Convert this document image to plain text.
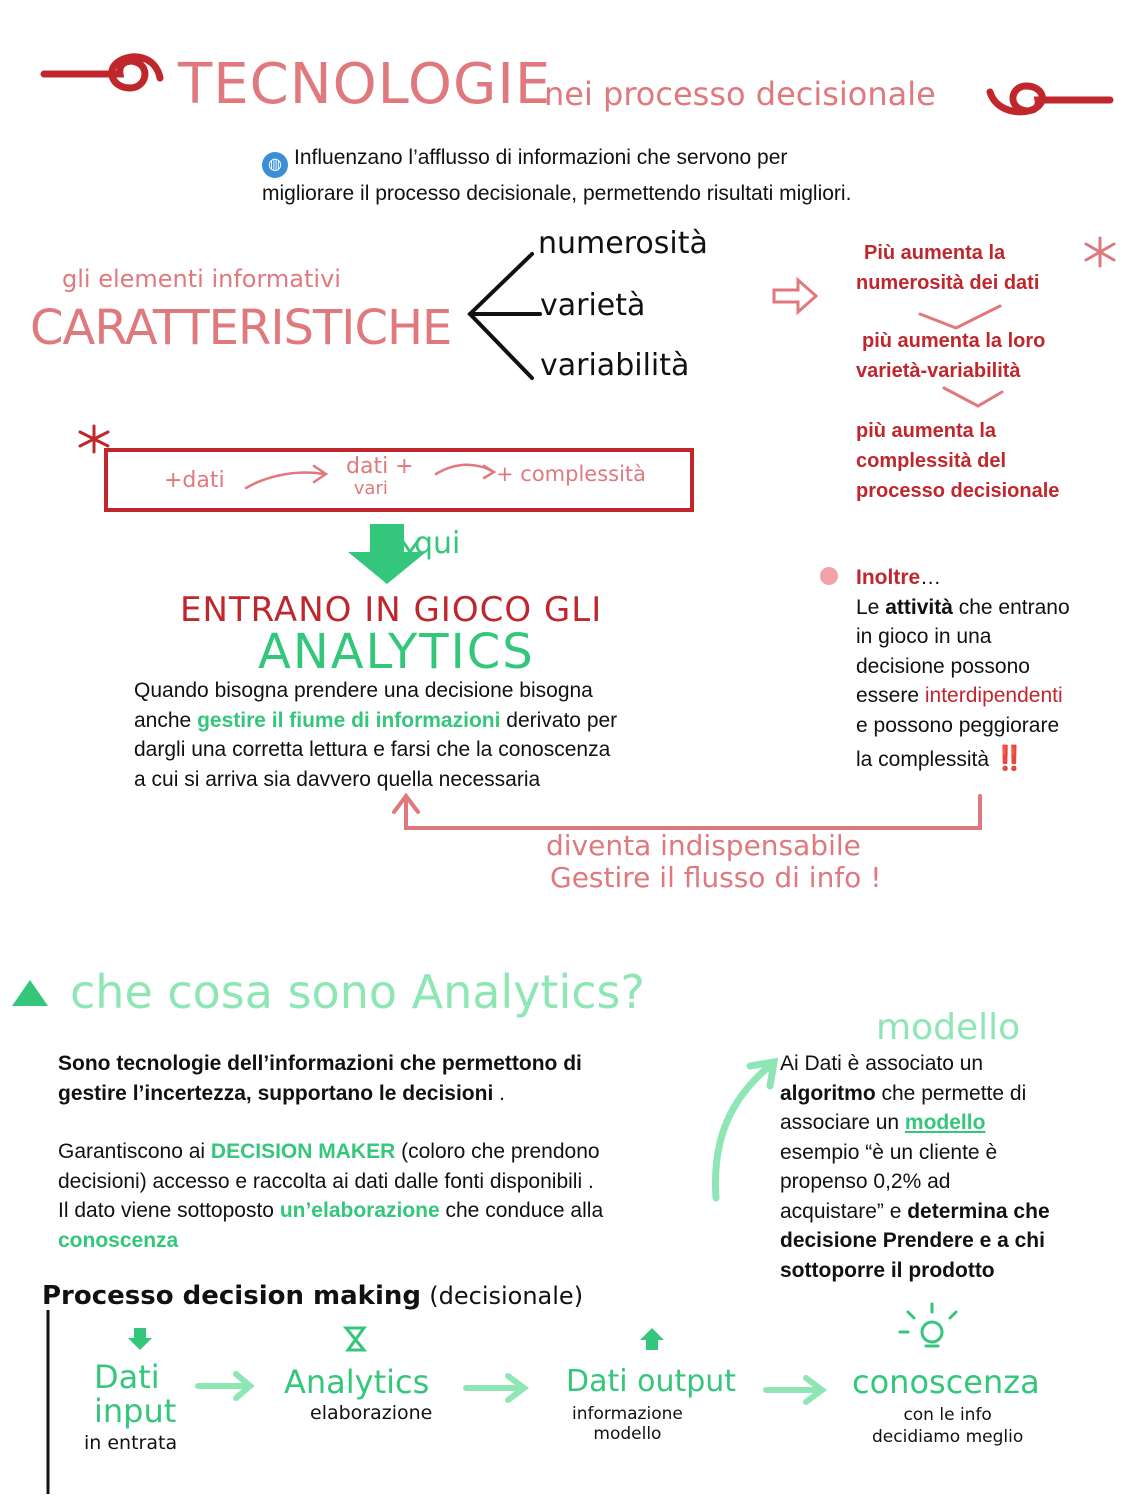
TECNOLOGIE
nei processo decisionale
◍ Influenzano l’afflusso di informazioni che servono per
migliorare il processo decisionale, permettendo risultati migliori.
gli elementi informativi
CARATTERISTICHE
numerosità
varietà
variabilità
Più aumenta la
numerosità dei dati
più aumenta la loro
varietà-variabilità
più aumenta la
complessità del
processo decisionale
+dati
dati +
vari
+ complessità
qui
ENTRANO IN GIOCO GLI
ANALYTICS
Quando bisogna prendere una decisione bisogna
anche gestire il fiume di informazioni derivato per
dargli una corretta lettura e farsi che la conoscenza
a cui si arriva sia davvero quella necessaria
Inoltre…
Le attività che entrano
in gioco in una
decisione possono
essere interdipendenti
e possono peggiorare
la complessità ‼️
diventa indispensabile
Gestire il flusso di info !
che cosa sono Analytics?
Sono tecnologie dell’informazioni che permettono di
gestire l’incertezza, supportano le decisioni .
Garantiscono ai DECISION MAKER (coloro che prendono
decisioni) accesso e raccolta ai dati dalle fonti disponibili .
Il dato viene sottoposto un’elaborazione che conduce alla
conoscenza
modello
Ai Dati è associato un
algoritmo che permette di
associare un modello
esempio “è un cliente è
propenso 0,2% ad
acquistare” e determina che
decisione Prendere e a chi
sottoporre il prodotto
Processo decision making (decisionale)
Dati
input
in entrata
Analytics
elaborazione
Dati output
informazione
modello
conoscenza
con le info
decidiamo meglio
